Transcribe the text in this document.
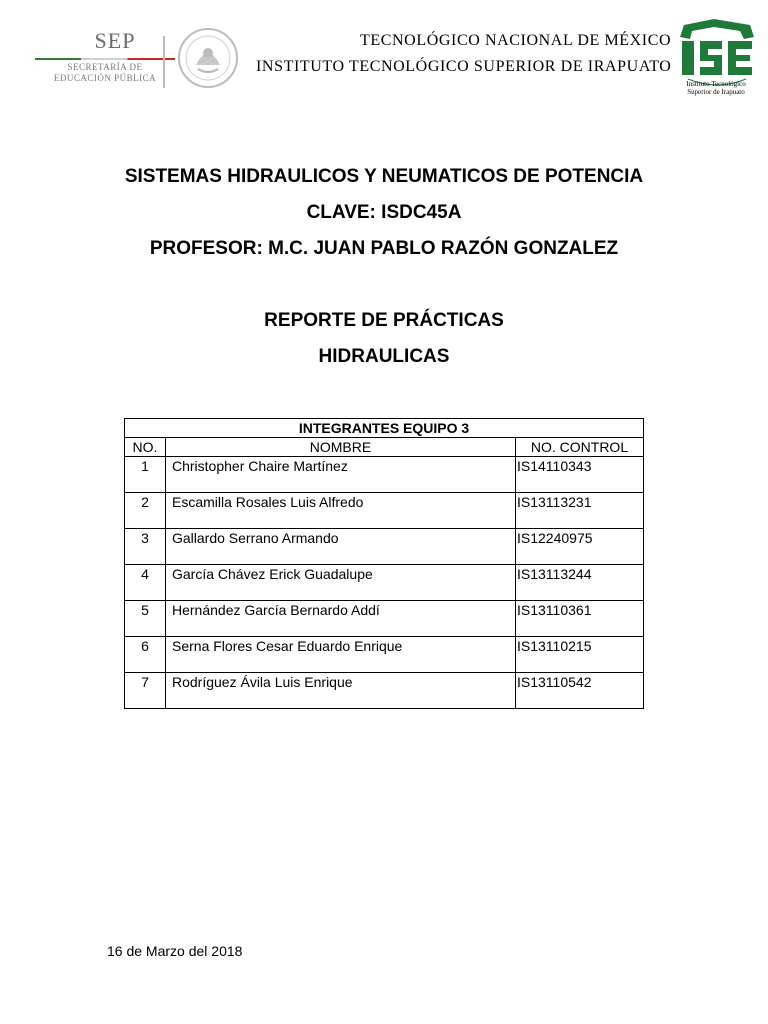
SEP
SECRETARÍA DE
EDUCACIÓN PÚBLICA
TECNOLÓGICO NACIONAL DE MÉXICO
INSTITUTO TECNOLÓGICO SUPERIOR DE IRAPUATO
Instituto Tecnológico
Superior de Irapuato
SISTEMAS HIDRAULICOS Y NEUMATICOS DE POTENCIA
CLAVE: ISDC45A
PROFESOR: M.C. JUAN PABLO RAZÓN GONZALEZ
REPORTE DE PRÁCTICAS
HIDRAULICAS
INTEGRANTES EQUIPO 3		
NO.	NOMBRE	NO. CONTROL
1	Christopher Chaire Martínez	IS14110343
2	Escamilla Rosales Luis Alfredo	IS13113231
3	Gallardo Serrano Armando	IS12240975
4	García Chávez Erick Guadalupe	IS13113244
5	Hernández García Bernardo Addí	IS13110361
6	Serna Flores Cesar Eduardo Enrique	IS13110215
7	Rodríguez Ávila Luis Enrique	IS13110542
16 de Marzo del 2018
